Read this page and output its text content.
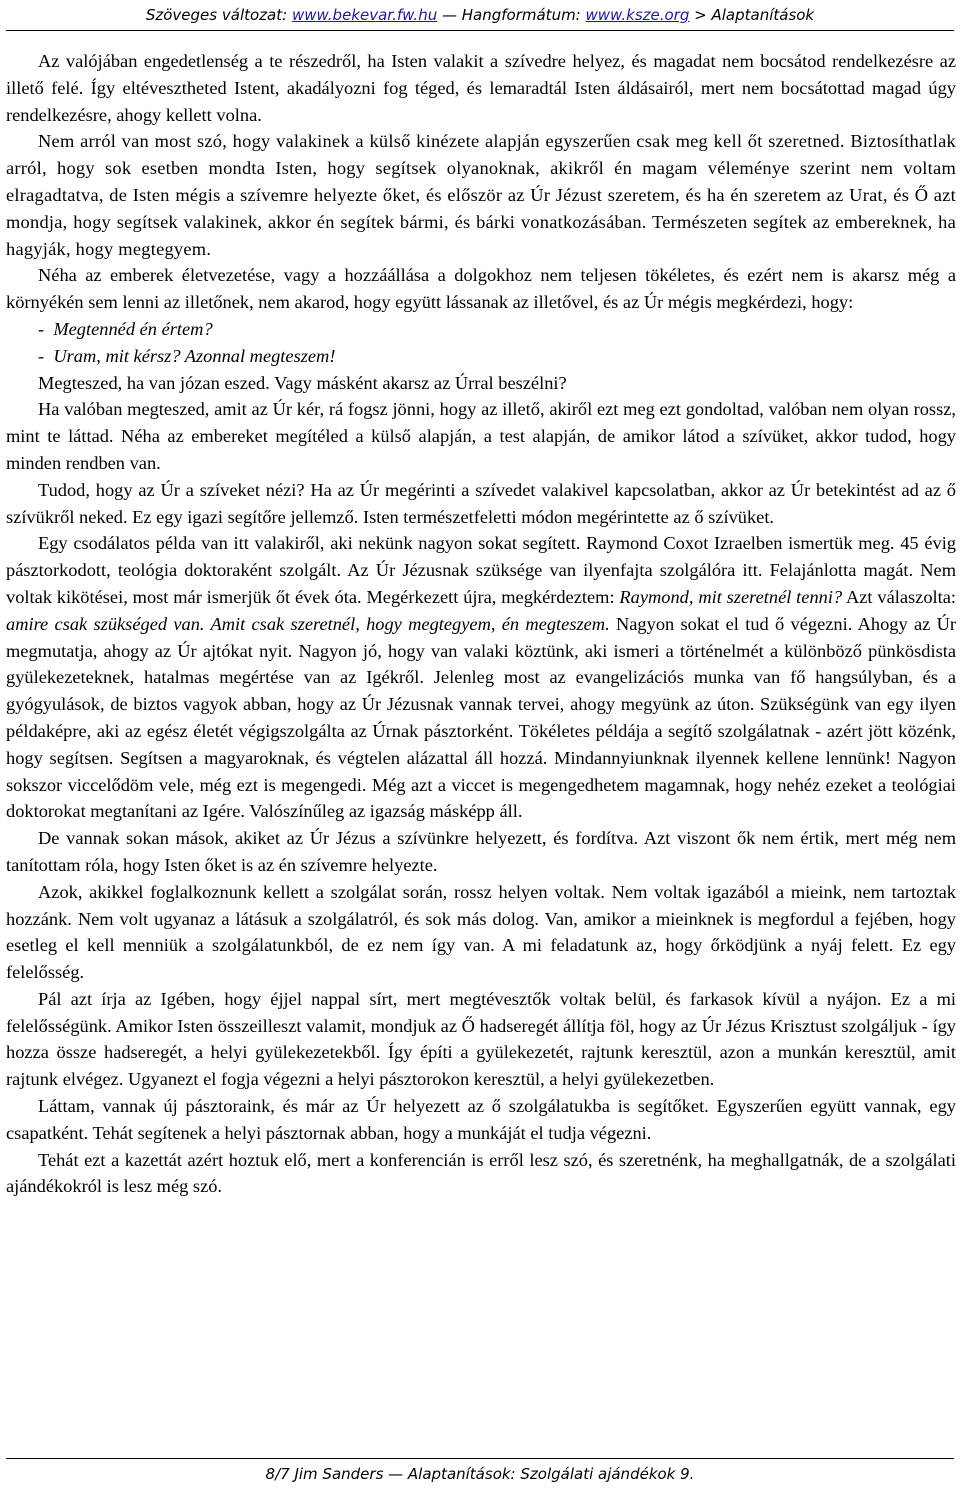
Szöveges változat: www.bekevar.fw.hu — Hangformátum: www.ksze.org > Alaptanítások

Az valójában engedetlenség a te részedről, ha Isten valakit a szívedre helyez, és magadat nem bocsátod rendelkezésre az illető felé. Így eltévesztheted Istent, akadályozni fog téged, és lemaradtál Isten áldásairól, mert nem bocsátottad magad úgy rendelkezésre, ahogy kellett volna.

Nem arról van most szó, hogy valakinek a külső kinézete alapján egyszerűen csak meg kell őt szeretned. Biztosíthatlak arról, hogy sok esetben mondta Isten, hogy segítsek olyanoknak, akikről én magam véleménye szerint nem voltam elragadtatva, de Isten mégis a szívemre helyezte őket, és először az Úr Jézust szeretem, és ha én szeretem az Urat, és Ő azt mondja, hogy segítsek valakinek, akkor én segítek bármi, és bárki vonatkozásában. Természeten segítek az embereknek, ha hagyják, hogy megtegyem.

Néha az emberek életvezetése, vagy a hozzáállása a dolgokhoz nem teljesen tökéletes, és ezért nem is akarsz még a környékén sem lenni az illetőnek, nem akarod, hogy együtt lássanak az illetővel, és az Úr mégis megkérdezi, hogy:

-  Megtennéd én értem?

-  Uram, mit kérsz? Azonnal megteszem!

Megteszed, ha van józan eszed. Vagy másként akarsz az Úrral beszélni?

Ha valóban megteszed, amit az Úr kér, rá fogsz jönni, hogy az illető, akiről ezt meg ezt gondoltad, valóban nem olyan rossz, mint te láttad. Néha az embereket megítéled a külső alapján, a test alapján, de amikor látod a szívüket, akkor tudod, hogy minden rendben van.

Tudod, hogy az Úr a szíveket nézi? Ha az Úr megérinti a szívedet valakivel kapcsolatban, akkor az Úr betekintést ad az ő szívükről neked. Ez egy igazi segítőre jellemző. Isten természetfeletti módon megérintette az ő szívüket.

Egy csodálatos példa van itt valakiről, aki nekünk nagyon sokat segített. Raymond Coxot Izraelben ismertük meg. 45 évig pásztorkodott, teológia doktoraként szolgált. Az Úr Jézusnak szüksége van ilyenfajta szolgálóra itt. Felajánlotta magát. Nem voltak kikötései, most már ismerjük őt évek óta. Megérkezett újra, megkérdeztem: Raymond, mit szeretnél tenni? Azt válaszolta: amire csak szükséged van. Amit csak szeretnél, hogy megtegyem, én megteszem. Nagyon sokat el tud ő végezni. Ahogy az Úr megmutatja, ahogy az Úr ajtókat nyit. Nagyon jó, hogy van valaki köztünk, aki ismeri a történelmét a különböző pünkösdista gyülekezeteknek, hatalmas megértése van az Igékről. Jelenleg most az evangelizációs munka van fő hangsúlyban, és a gyógyulások, de biztos vagyok abban, hogy az Úr Jézusnak vannak tervei, ahogy megyünk az úton. Szükségünk van egy ilyen példaképre, aki az egész életét végigszolgálta az Úrnak pásztorként. Tökéletes példája a segítő szolgálatnak - azért jött közénk, hogy segítsen. Segítsen a magyaroknak, és végtelen alázattal áll hozzá. Mindannyiunknak ilyennek kellene lennünk! Nagyon sokszor viccelődöm vele, még ezt is megengedi. Még azt a viccet is megengedhetem magamnak, hogy nehéz ezeket a teológiai doktorokat megtanítani az Igére. Valószínűleg az igazság másképp áll.

De vannak sokan mások, akiket az Úr Jézus a szívünkre helyezett, és fordítva. Azt viszont ők nem értik, mert még nem tanítottam róla, hogy Isten őket is az én szívemre helyezte.

Azok, akikkel foglalkoznunk kellett a szolgálat során, rossz helyen voltak. Nem voltak igazából a mieink, nem tartoztak hozzánk. Nem volt ugyanaz a látásuk a szolgálatról, és sok más dolog. Van, amikor a mieinknek is megfordul a fejében, hogy esetleg el kell menniük a szolgálatunkból, de ez nem így van. A mi feladatunk az, hogy őrködjünk a nyáj felett. Ez egy felelősség.

Pál azt írja az Igében, hogy éjjel nappal sírt, mert megtévesztők voltak belül, és farkasok kívül a nyájon. Ez a mi felelősségünk. Amikor Isten összeilleszt valamit, mondjuk az Ő hadseregét állítja föl, hogy az Úr Jézus Krisztust szolgáljuk - így hozza össze hadseregét, a helyi gyülekezetekből. Így építi a gyülekezetét, rajtunk keresztül, azon a munkán keresztül, amit rajtunk elvégez. Ugyanezt el fogja végezni a helyi pásztorokon keresztül, a helyi gyülekezetben.

Láttam, vannak új pásztoraink, és már az Úr helyezett az ő szolgálatukba is segítőket. Egyszerűen együtt vannak, egy csapatként. Tehát segítenek a helyi pásztornak abban, hogy a munkáját el tudja végezni.

Tehát ezt a kazettát azért hoztuk elő, mert a konferencián is erről lesz szó, és szeretnénk, ha meghallgatnák, de a szolgálati ajándékokról is lesz még szó.

8/7 Jim Sanders — Alaptanítások: Szolgálati ajándékok 9.
